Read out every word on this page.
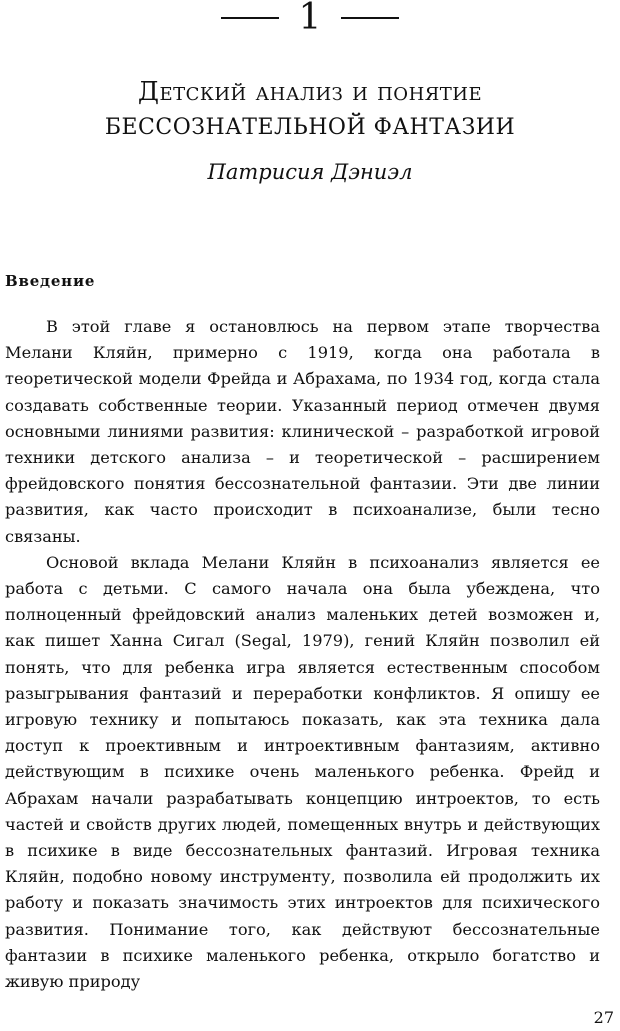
1
Детский анализ и понятие
БЕССОЗНАТЕЛЬНОЙ ФАНТАЗИИ
Патрисия Дэниэл
Введение

В этой главе я остановлюсь на первом этапе творчества Мелани Кляйн, примерно с 1919, когда она работала в теоретической модели Фрейда и Абрахама, по 1934 год, когда стала создавать собственные теории. Указанный период отмечен двумя основными линиями развития: клинической – разработкой игровой техники детского анализа – и теоретической – расширением фрейдовского понятия бессознательной фантазии. Эти две линии развития, как часто происходит в психоанализе, были тесно связаны.

Основой вклада Мелани Кляйн в психоанализ является ее работа с детьми. С самого начала она была убеждена, что полноценный фрейдовский анализ маленьких детей возможен и, как пишет Ханна Сигал (Segal, 1979), гений Кляйн позволил ей понять, что для ребенка игра является естественным способом разыгрывания фантазий и переработки конфликтов. Я опишу ее игровую технику и попытаюсь показать, как эта техника дала доступ к проективным и интроективным фантазиям, активно действующим в психике очень маленького ребенка. Фрейд и Абрахам начали разрабатывать концепцию интроектов, то есть частей и свойств других людей, помещенных внутрь и действующих в психике в виде бессознательных фантазий. Игровая техника Кляйн, подобно новому инструменту, позволила ей продолжить их работу и показать значимость этих интроектов для психического развития. Понимание того, как действуют бессознательные фантазии в психике маленького ребенка, открыло богатство и живую природу

27
